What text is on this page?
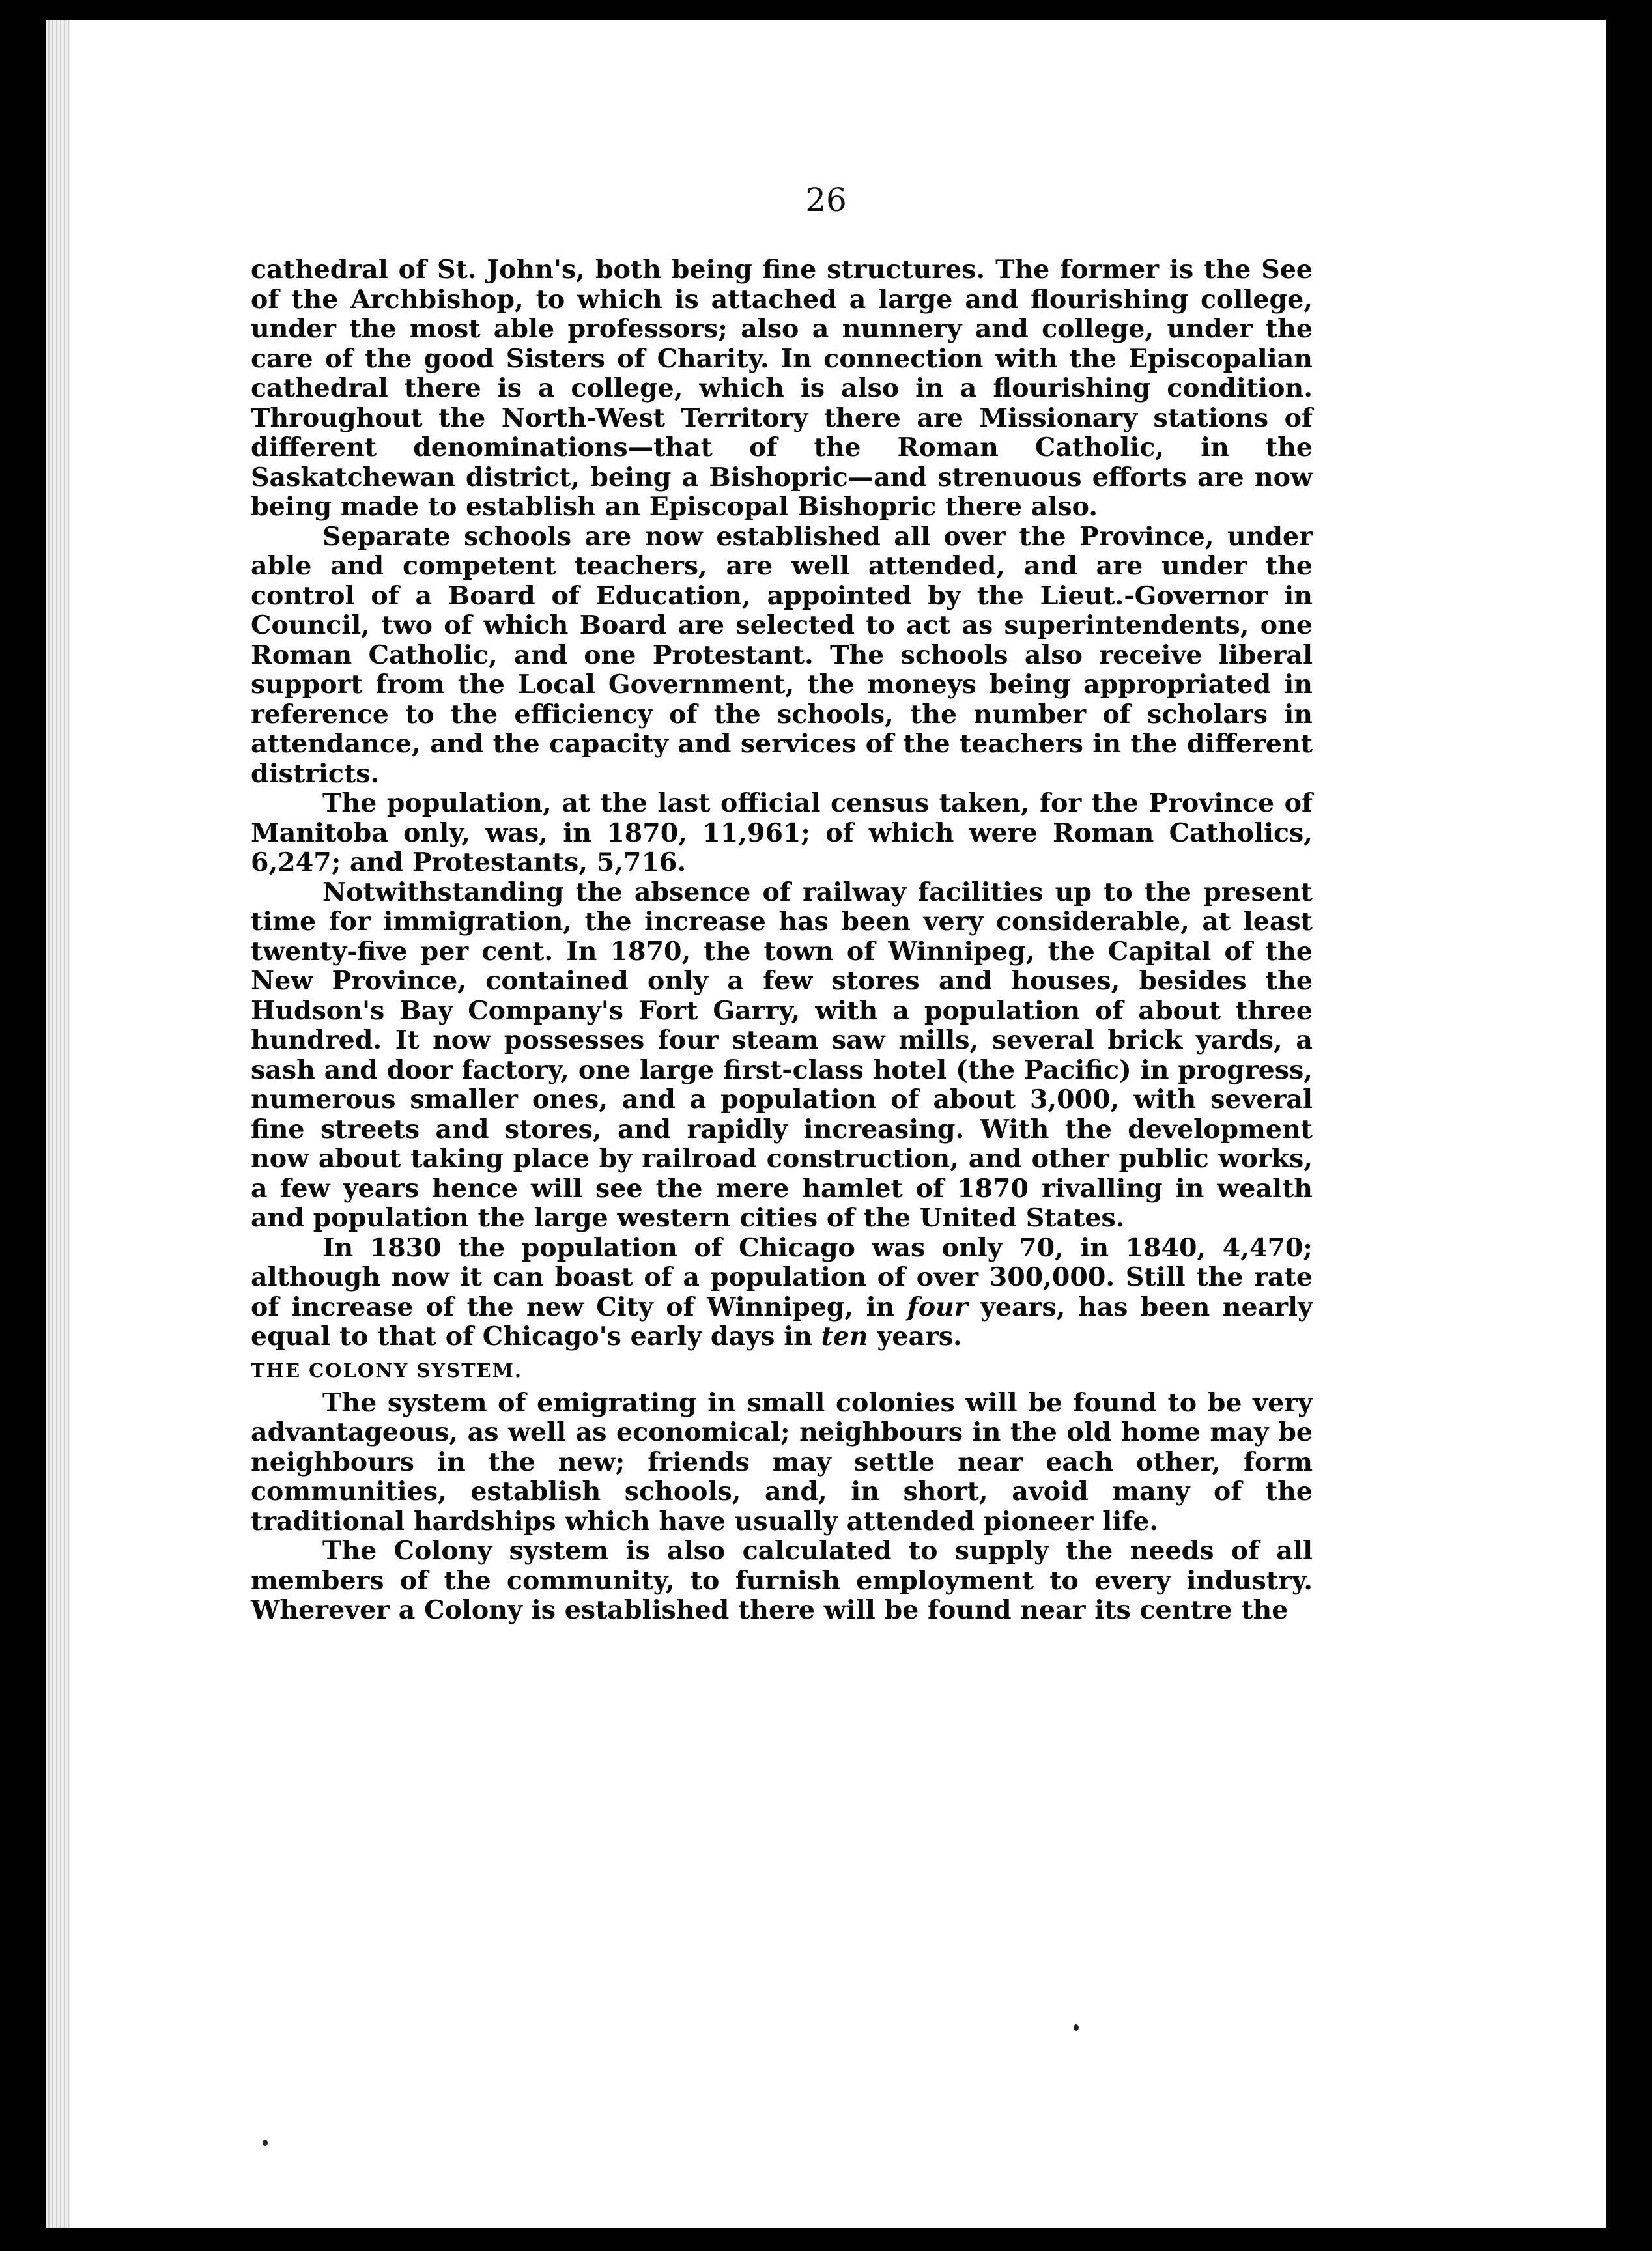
26

cathedral of St. John's, both being fine structures. The former is the See of the Archbishop, to which is attached a large and flourishing college, under the most able professors; also a nunnery and college, under the care of the good Sisters of Charity. In connection with the Episcopalian cathedral there is a college, which is also in a flourishing condition. Throughout the North-West Territory there are Missionary stations of different denominations—that of the Roman Catholic, in the Saskatchewan district, being a Bishopric—and strenuous efforts are now being made to establish an Episcopal Bishopric there also.

Separate schools are now established all over the Province, under able and competent teachers, are well attended, and are under the control of a Board of Education, appointed by the Lieut.-Governor in Council, two of which Board are selected to act as superintendents, one Roman Catholic, and one Protestant. The schools also receive liberal support from the Local Government, the moneys being appropriated in reference to the efficiency of the schools, the number of scholars in attendance, and the capacity and services of the teachers in the different districts.

The population, at the last official census taken, for the Province of Manitoba only, was, in 1870, 11,961; of which were Roman Catholics, 6,247; and Protestants, 5,716.

Notwithstanding the absence of railway facilities up to the present time for immigration, the increase has been very considerable, at least twenty-five per cent. In 1870, the town of Winnipeg, the Capital of the New Province, contained only a few stores and houses, besides the Hudson's Bay Company's Fort Garry, with a population of about three hundred. It now possesses four steam saw mills, several brick yards, a sash and door factory, one large first-class hotel (the Pacific) in progress, numerous smaller ones, and a population of about 3,000, with several fine streets and stores, and rapidly increasing. With the development now about taking place by railroad construction, and other public works, a few years hence will see the mere hamlet of 1870 rivalling in wealth and population the large western cities of the United States.

In 1830 the population of Chicago was only 70, in 1840, 4,470; although now it can boast of a population of over 300,000. Still the rate of increase of the new City of Winnipeg, in four years, has been nearly equal to that of Chicago's early days in ten years.

THE COLONY SYSTEM.

The system of emigrating in small colonies will be found to be very advantageous, as well as economical; neighbours in the old home may be neighbours in the new; friends may settle near each other, form communities, establish schools, and, in short, avoid many of the traditional hardships which have usually attended pioneer life.

The Colony system is also calculated to supply the needs of all members of the community, to furnish employment to every industry. Wherever a Colony is established there will be found near its centre the
